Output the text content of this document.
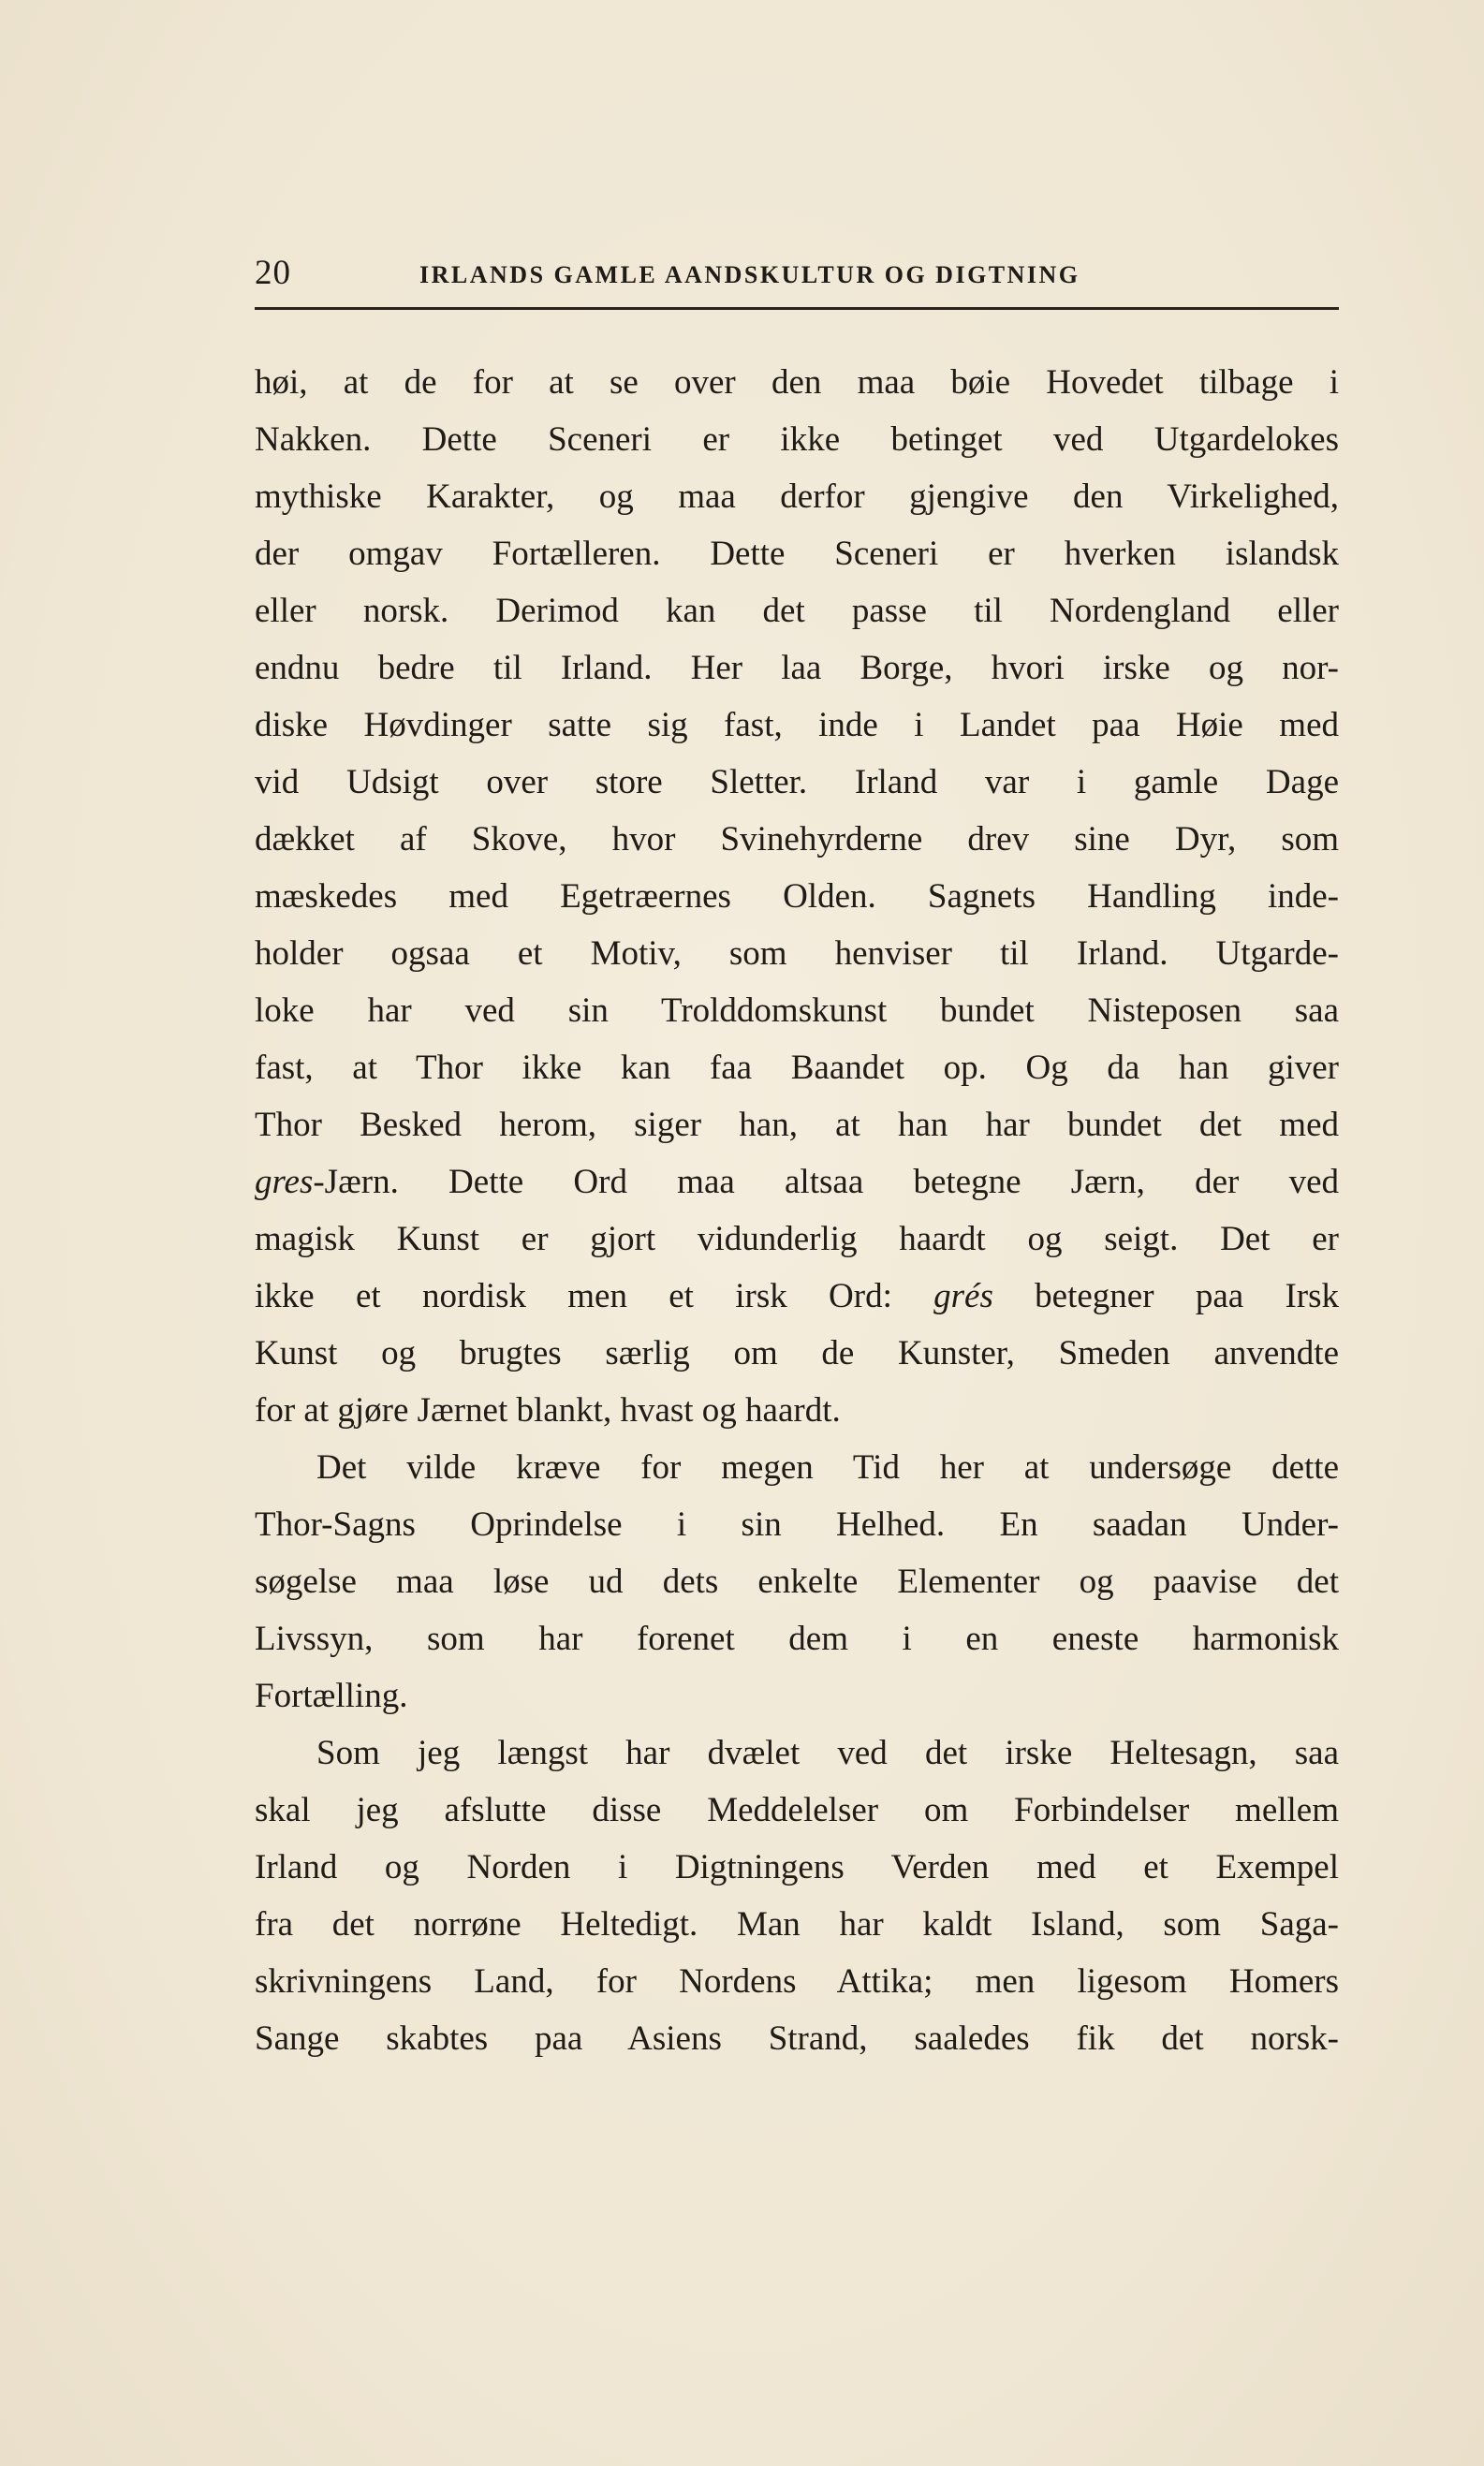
20	IRLANDS GAMLE AANDSKULTUR OG DIGTNING
høi, at de for at se over den maa bøie Hovedet tilbage i
Nakken. Dette Sceneri er ikke betinget ved Utgardelokes
mythiske Karakter, og maa derfor gjengive den Virkelighed,
der omgav Fortælleren. Dette Sceneri er hverken islandsk
eller norsk. Derimod kan det passe til Nordengland eller
endnu bedre til Irland. Her laa Borge, hvori irske og nor-
diske Høvdinger satte sig fast, inde i Landet paa Høie med
vid Udsigt over store Sletter. Irland var i gamle Dage
dækket af Skove, hvor Svinehyrderne drev sine Dyr, som
mæskedes med Egetræernes Olden. Sagnets Handling inde-
holder ogsaa et Motiv, som henviser til Irland. Utgarde-
loke har ved sin Trolddomskunst bundet Nisteposen saa
fast, at Thor ikke kan faa Baandet op. Og da han giver
Thor Besked herom, siger han, at han har bundet det med
gres-Jærn. Dette Ord maa altsaa betegne Jærn, der ved
magisk Kunst er gjort vidunderlig haardt og seigt. Det er
ikke et nordisk men et irsk Ord: grés betegner paa Irsk
Kunst og brugtes særlig om de Kunster, Smeden anvendte
for at gjøre Jærnet blankt, hvast og haardt.
Det vilde kræve for megen Tid her at undersøge dette
Thor-Sagns Oprindelse i sin Helhed. En saadan Under-
søgelse maa løse ud dets enkelte Elementer og paavise det
Livssyn, som har forenet dem i en eneste harmonisk
Fortælling.
Som jeg længst har dvælet ved det irske Heltesagn, saa
skal jeg afslutte disse Meddelelser om Forbindelser mellem
Irland og Norden i Digtningens Verden med et Exempel
fra det norrøne Heltedigt. Man har kaldt Island, som Saga-
skrivningens Land, for Nordens Attika; men ligesom Homers
Sange skabtes paa Asiens Strand, saaledes fik det norsk-
